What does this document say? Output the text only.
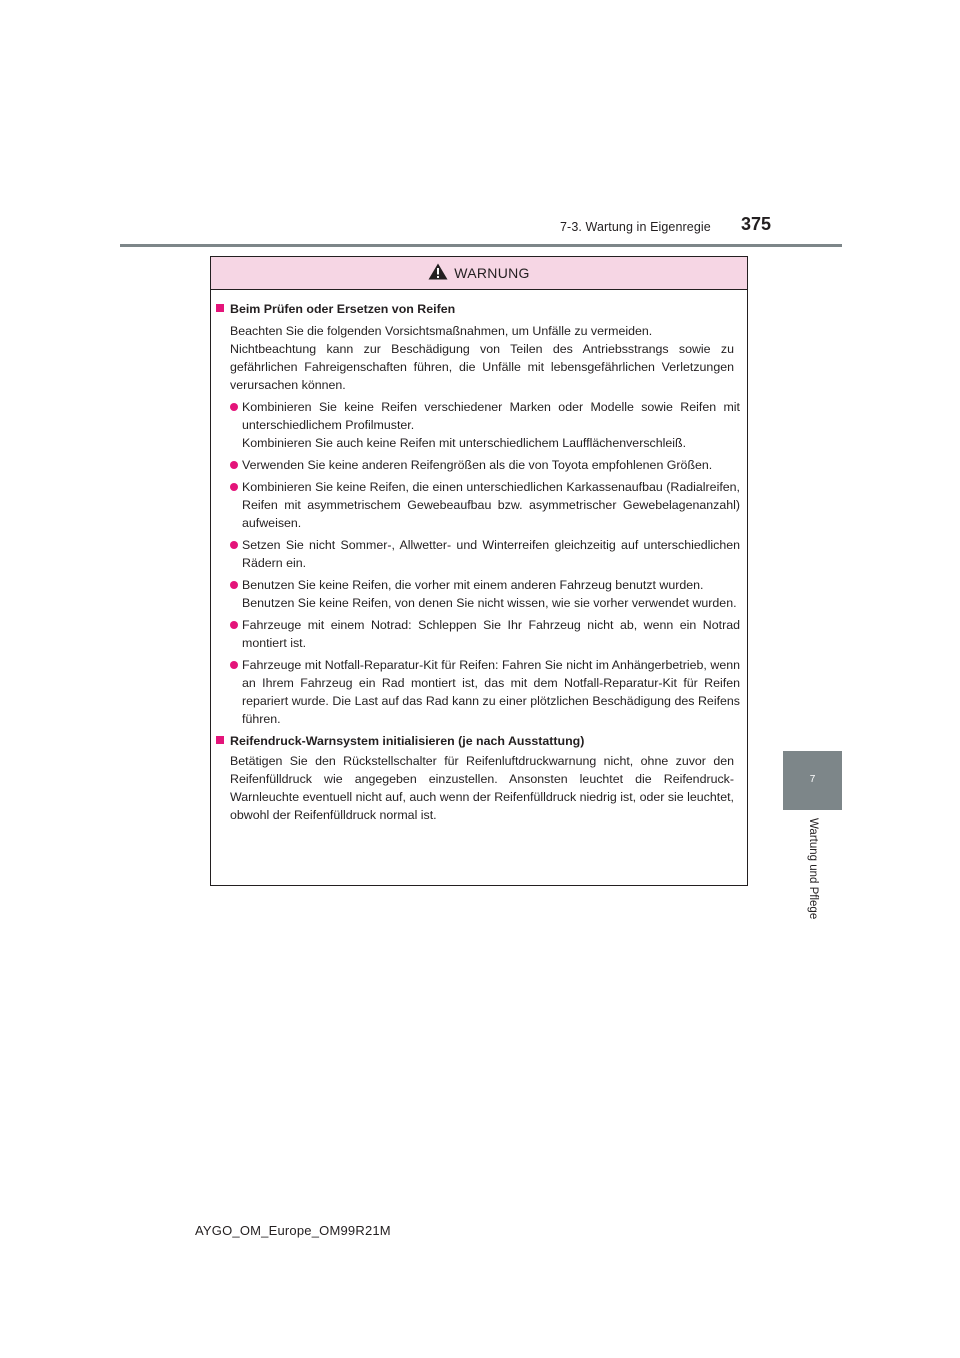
7-3. Wartung in Eigenregie 375
7
Wartung und Pflege
WARNUNG
Beim Prüfen oder Ersetzen von Reifen
Beachten Sie die folgenden Vorsichtsmaßnahmen, um Unfälle zu vermeiden.
Nichtbeachtung kann zur Beschädigung von Teilen des Antriebsstrangs sowie zu gefährlichen Fahreigenschaften führen, die Unfälle mit lebensgefährlichen Verletzungen verursachen können.
Kombinieren Sie keine Reifen verschiedener Marken oder Modelle sowie Reifen mit unterschiedlichem Profilmuster.
Kombinieren Sie auch keine Reifen mit unterschiedlichem Laufflächenverschleiß.
Verwenden Sie keine anderen Reifengrößen als die von Toyota empfohlenen Größen.
Kombinieren Sie keine Reifen, die einen unterschiedlichen Karkassenaufbau (Radialreifen, Reifen mit asymmetrischem Gewebeaufbau bzw. asymmetrischer Gewebelagenanzahl) aufweisen.
Setzen Sie nicht Sommer-, Allwetter- und Winterreifen gleichzeitig auf unterschiedlichen Rädern ein.
Benutzen Sie keine Reifen, die vorher mit einem anderen Fahrzeug benutzt wurden.
Benutzen Sie keine Reifen, von denen Sie nicht wissen, wie sie vorher verwendet wurden.
Fahrzeuge mit einem Notrad: Schleppen Sie Ihr Fahrzeug nicht ab, wenn ein Notrad montiert ist.
Fahrzeuge mit Notfall-Reparatur-Kit für Reifen: Fahren Sie nicht im Anhängerbetrieb, wenn an Ihrem Fahrzeug ein Rad montiert ist, das mit dem Notfall-Reparatur-Kit für Reifen repariert wurde. Die Last auf das Rad kann zu einer plötzlichen Beschädigung des Reifens führen.
Reifendruck-Warnsystem initialisieren (je nach Ausstattung)
Betätigen Sie den Rückstellschalter für Reifenluftdruckwarnung nicht, ohne zuvor den Reifenfülldruck wie angegeben einzustellen. Ansonsten leuchtet die Reifendruck-Warnleuchte eventuell nicht auf, auch wenn der Reifenfülldruck niedrig ist, oder sie leuchtet, obwohl der Reifenfülldruck normal ist.
AYGO_OM_Europe_OM99R21M
